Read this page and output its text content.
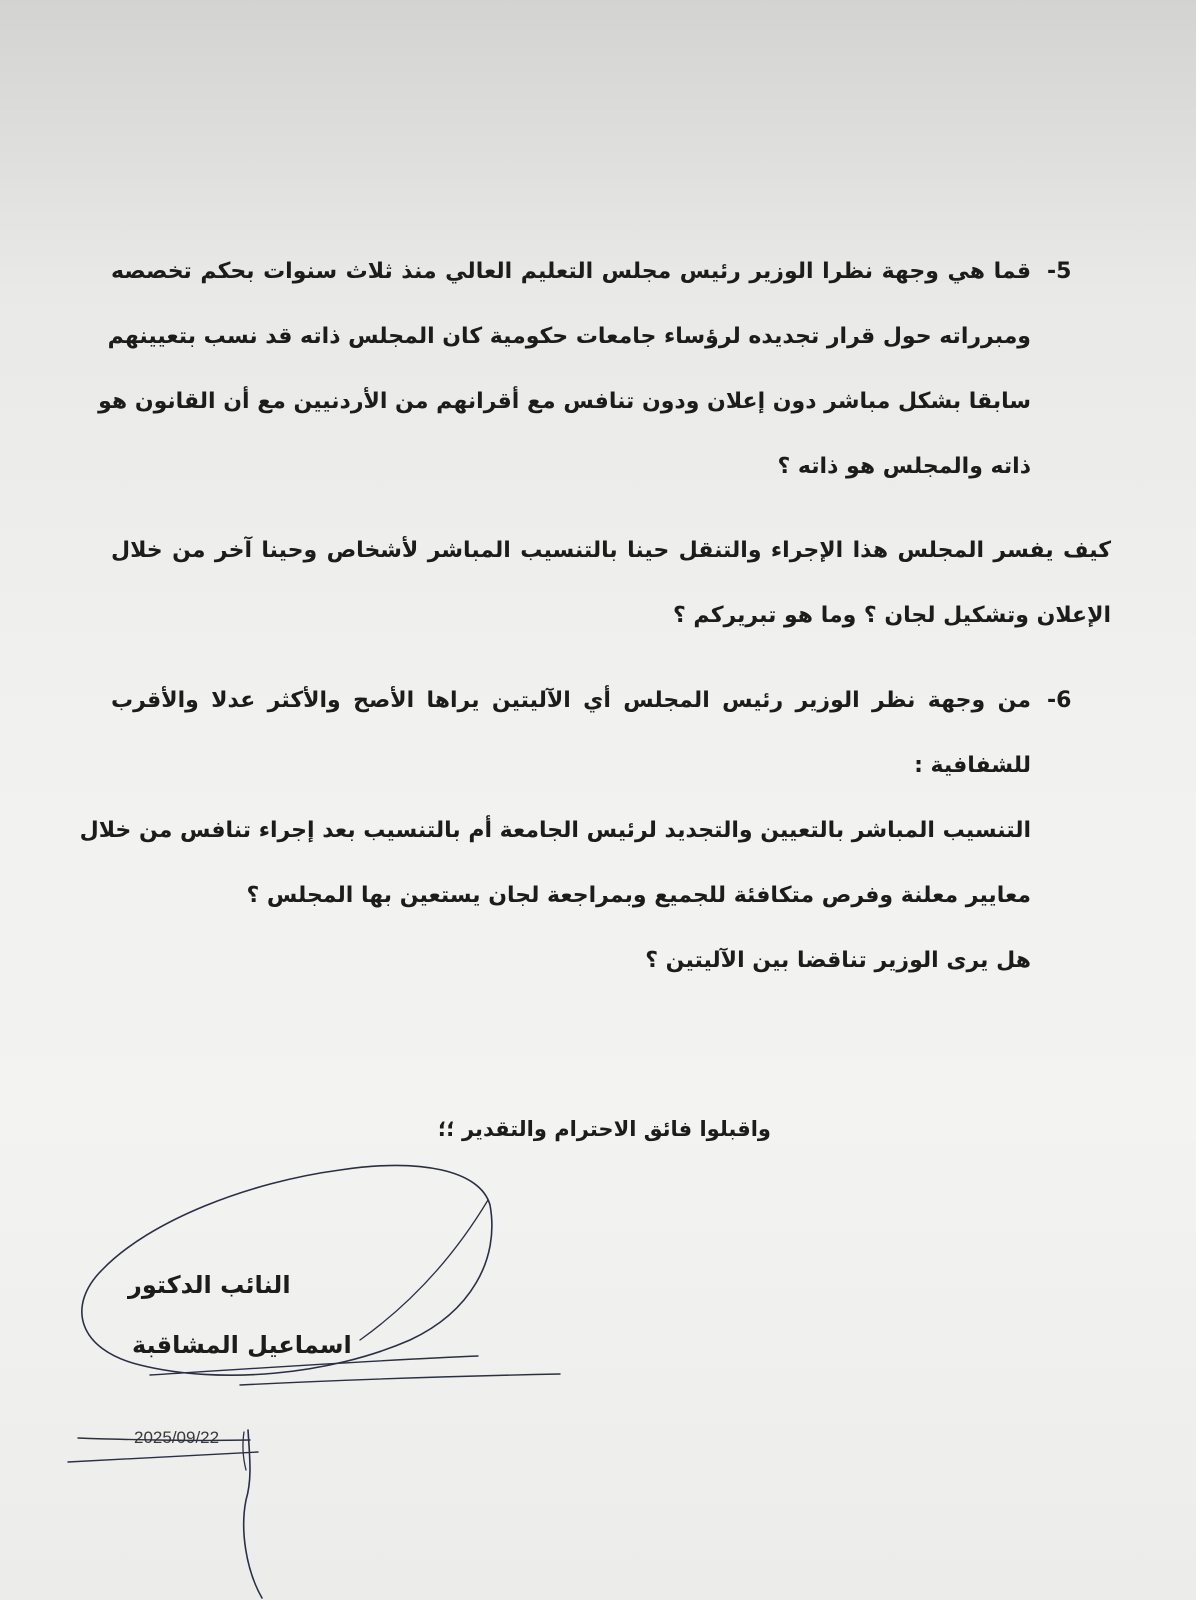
-5
قما هي وجهة نظرا الوزير رئيس مجلس التعليم العالي منذ ثلاث سنوات بحكم تخصصه
ومبرراته حول قرار تجديده لرؤساء جامعات حكومية كان المجلس ذاته قد نسب بتعيينهم
سابقا بشكل مباشر دون إعلان ودون تنافس مع أقرانهم من الأردنيين مع أن القانون هو
ذاته والمجلس هو ذاته ؟
كيف يفسر المجلس هذا الإجراء والتنقل حينا بالتنسيب المباشر لأشخاص وحينا آخر من خلال
الإعلان وتشكيل لجان ؟ وما هو تبريركم ؟
-6
من وجهة نظر الوزير رئيس المجلس أي الآليتين يراها الأصح والأكثر عدلا والأقرب
للشفافية :
التنسيب المباشر بالتعيين والتجديد لرئيس الجامعة أم بالتنسيب بعد إجراء تنافس من خلال
معايير معلنة وفرص متكافئة للجميع وبمراجعة لجان يستعين بها المجلس ؟
هل يرى الوزير تناقضا بين الآليتين ؟
واقبلوا فائق الاحترام والتقدير ؛؛
النائب الدكتور
اسماعيل المشاقبة
2025/09/22
